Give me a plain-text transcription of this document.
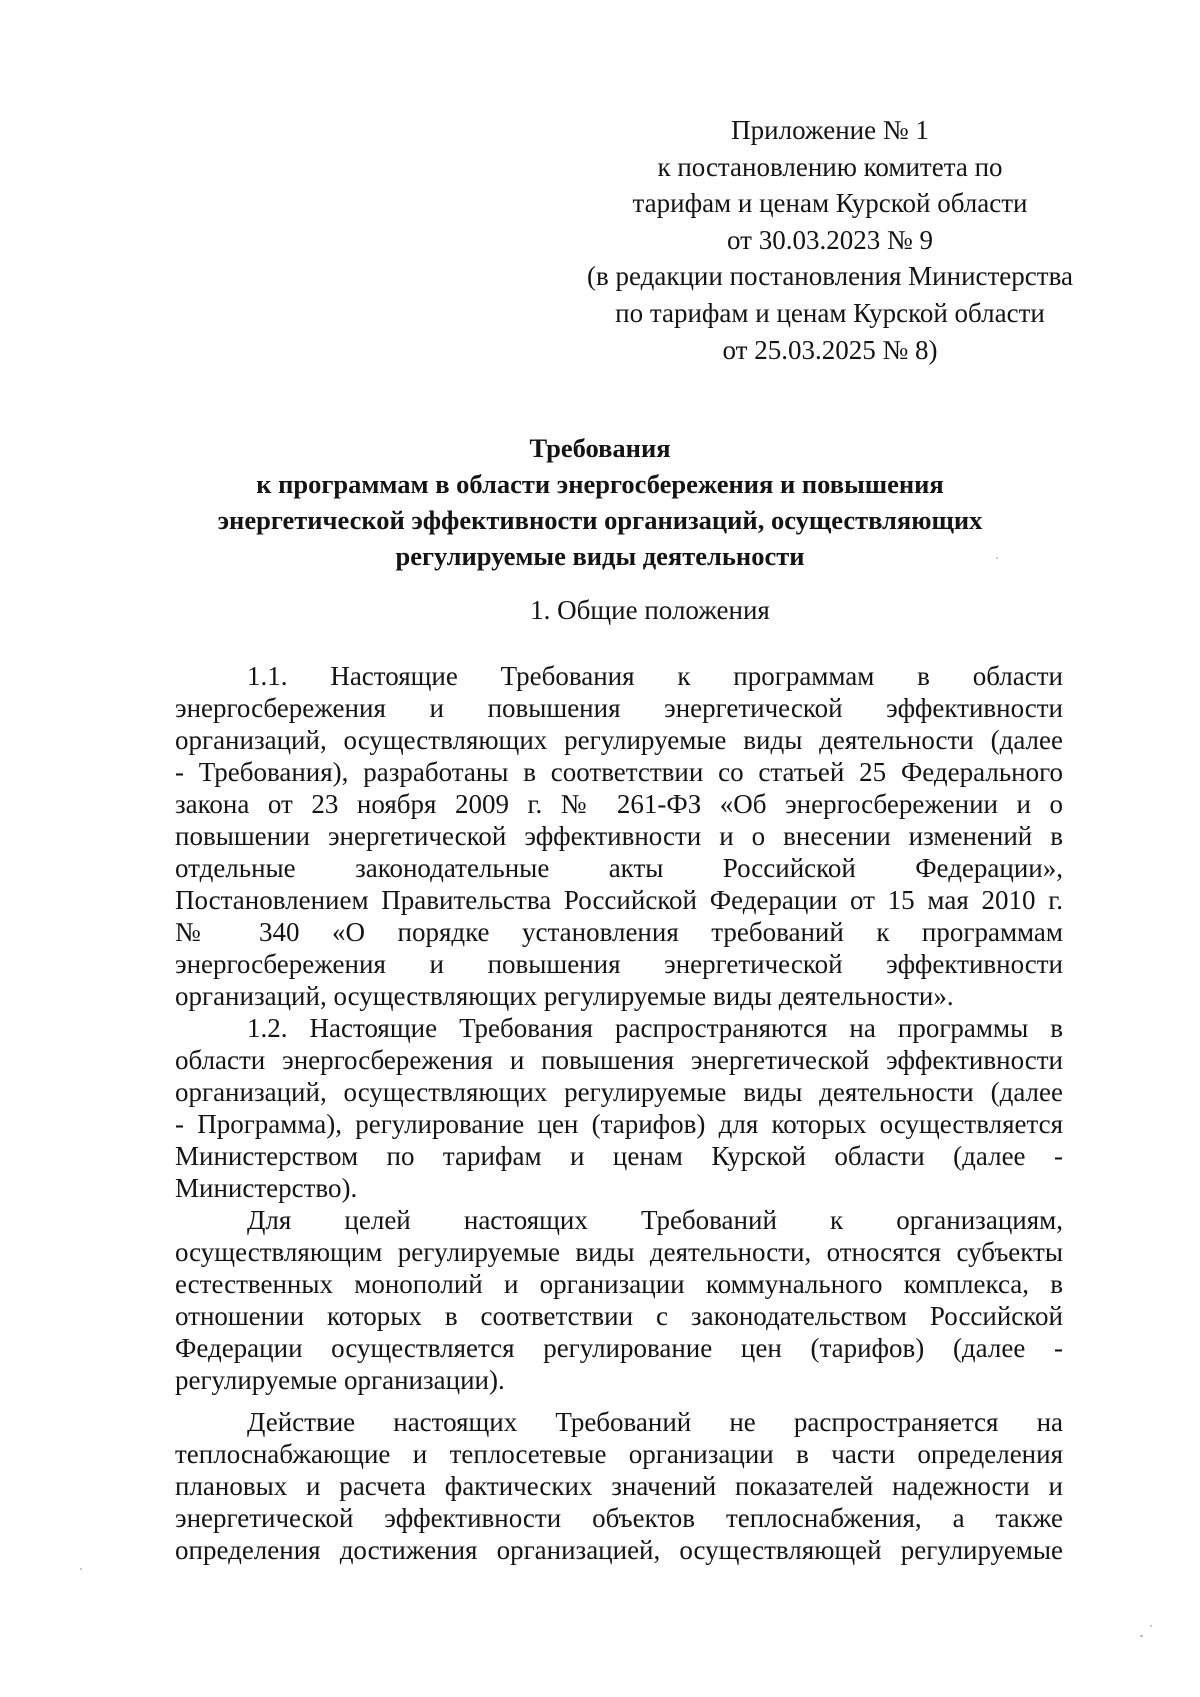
Приложение № 1
к постановлению комитета по
тарифам и ценам Курской области
от 30.03.2023 № 9
(в редакции постановления Министерства
по тарифам и ценам Курской области
от 25.03.2025 № 8)
Требования
к программам в области энергосбережения и повышения
энергетической эффективности организаций, осуществляющих
регулируемые виды деятельности
1. Общие положения
1.1. Настоящие Требования к программам в области
энергосбережения и повышения энергетической эффективности
организаций, осуществляющих регулируемые виды деятельности (далее
- Требования), разработаны в соответствии со статьей 25 Федерального
закона от 23 ноября 2009 г. № 261-ФЗ «Об энергосбережении и о
повышении энергетической эффективности и о внесении изменений в
отдельные законодательные акты Российской Федерации»,
Постановлением Правительства Российской Федерации от 15 мая 2010 г.
№ 340 «О порядке установления требований к программам
энергосбережения и повышения энергетической эффективности
организаций, осуществляющих регулируемые виды деятельности».
1.2. Настоящие Требования распространяются на программы в
области энергосбережения и повышения энергетической эффективности
организаций, осуществляющих регулируемые виды деятельности (далее
- Программа), регулирование цен (тарифов) для которых осуществляется
Министерством по тарифам и ценам Курской области (далее -
Министерство).
Для целей настоящих Требований к организациям,
осуществляющим регулируемые виды деятельности, относятся субъекты
естественных монополий и организации коммунального комплекса, в
отношении которых в соответствии с законодательством Российской
Федерации осуществляется регулирование цен (тарифов) (далее -
регулируемые организации).
Действие настоящих Требований не распространяется на
теплоснабжающие и теплосетевые организации в части определения
плановых и расчета фактических значений показателей надежности и
энергетической эффективности объектов теплоснабжения, а также
определения достижения организацией, осуществляющей регулируемые
